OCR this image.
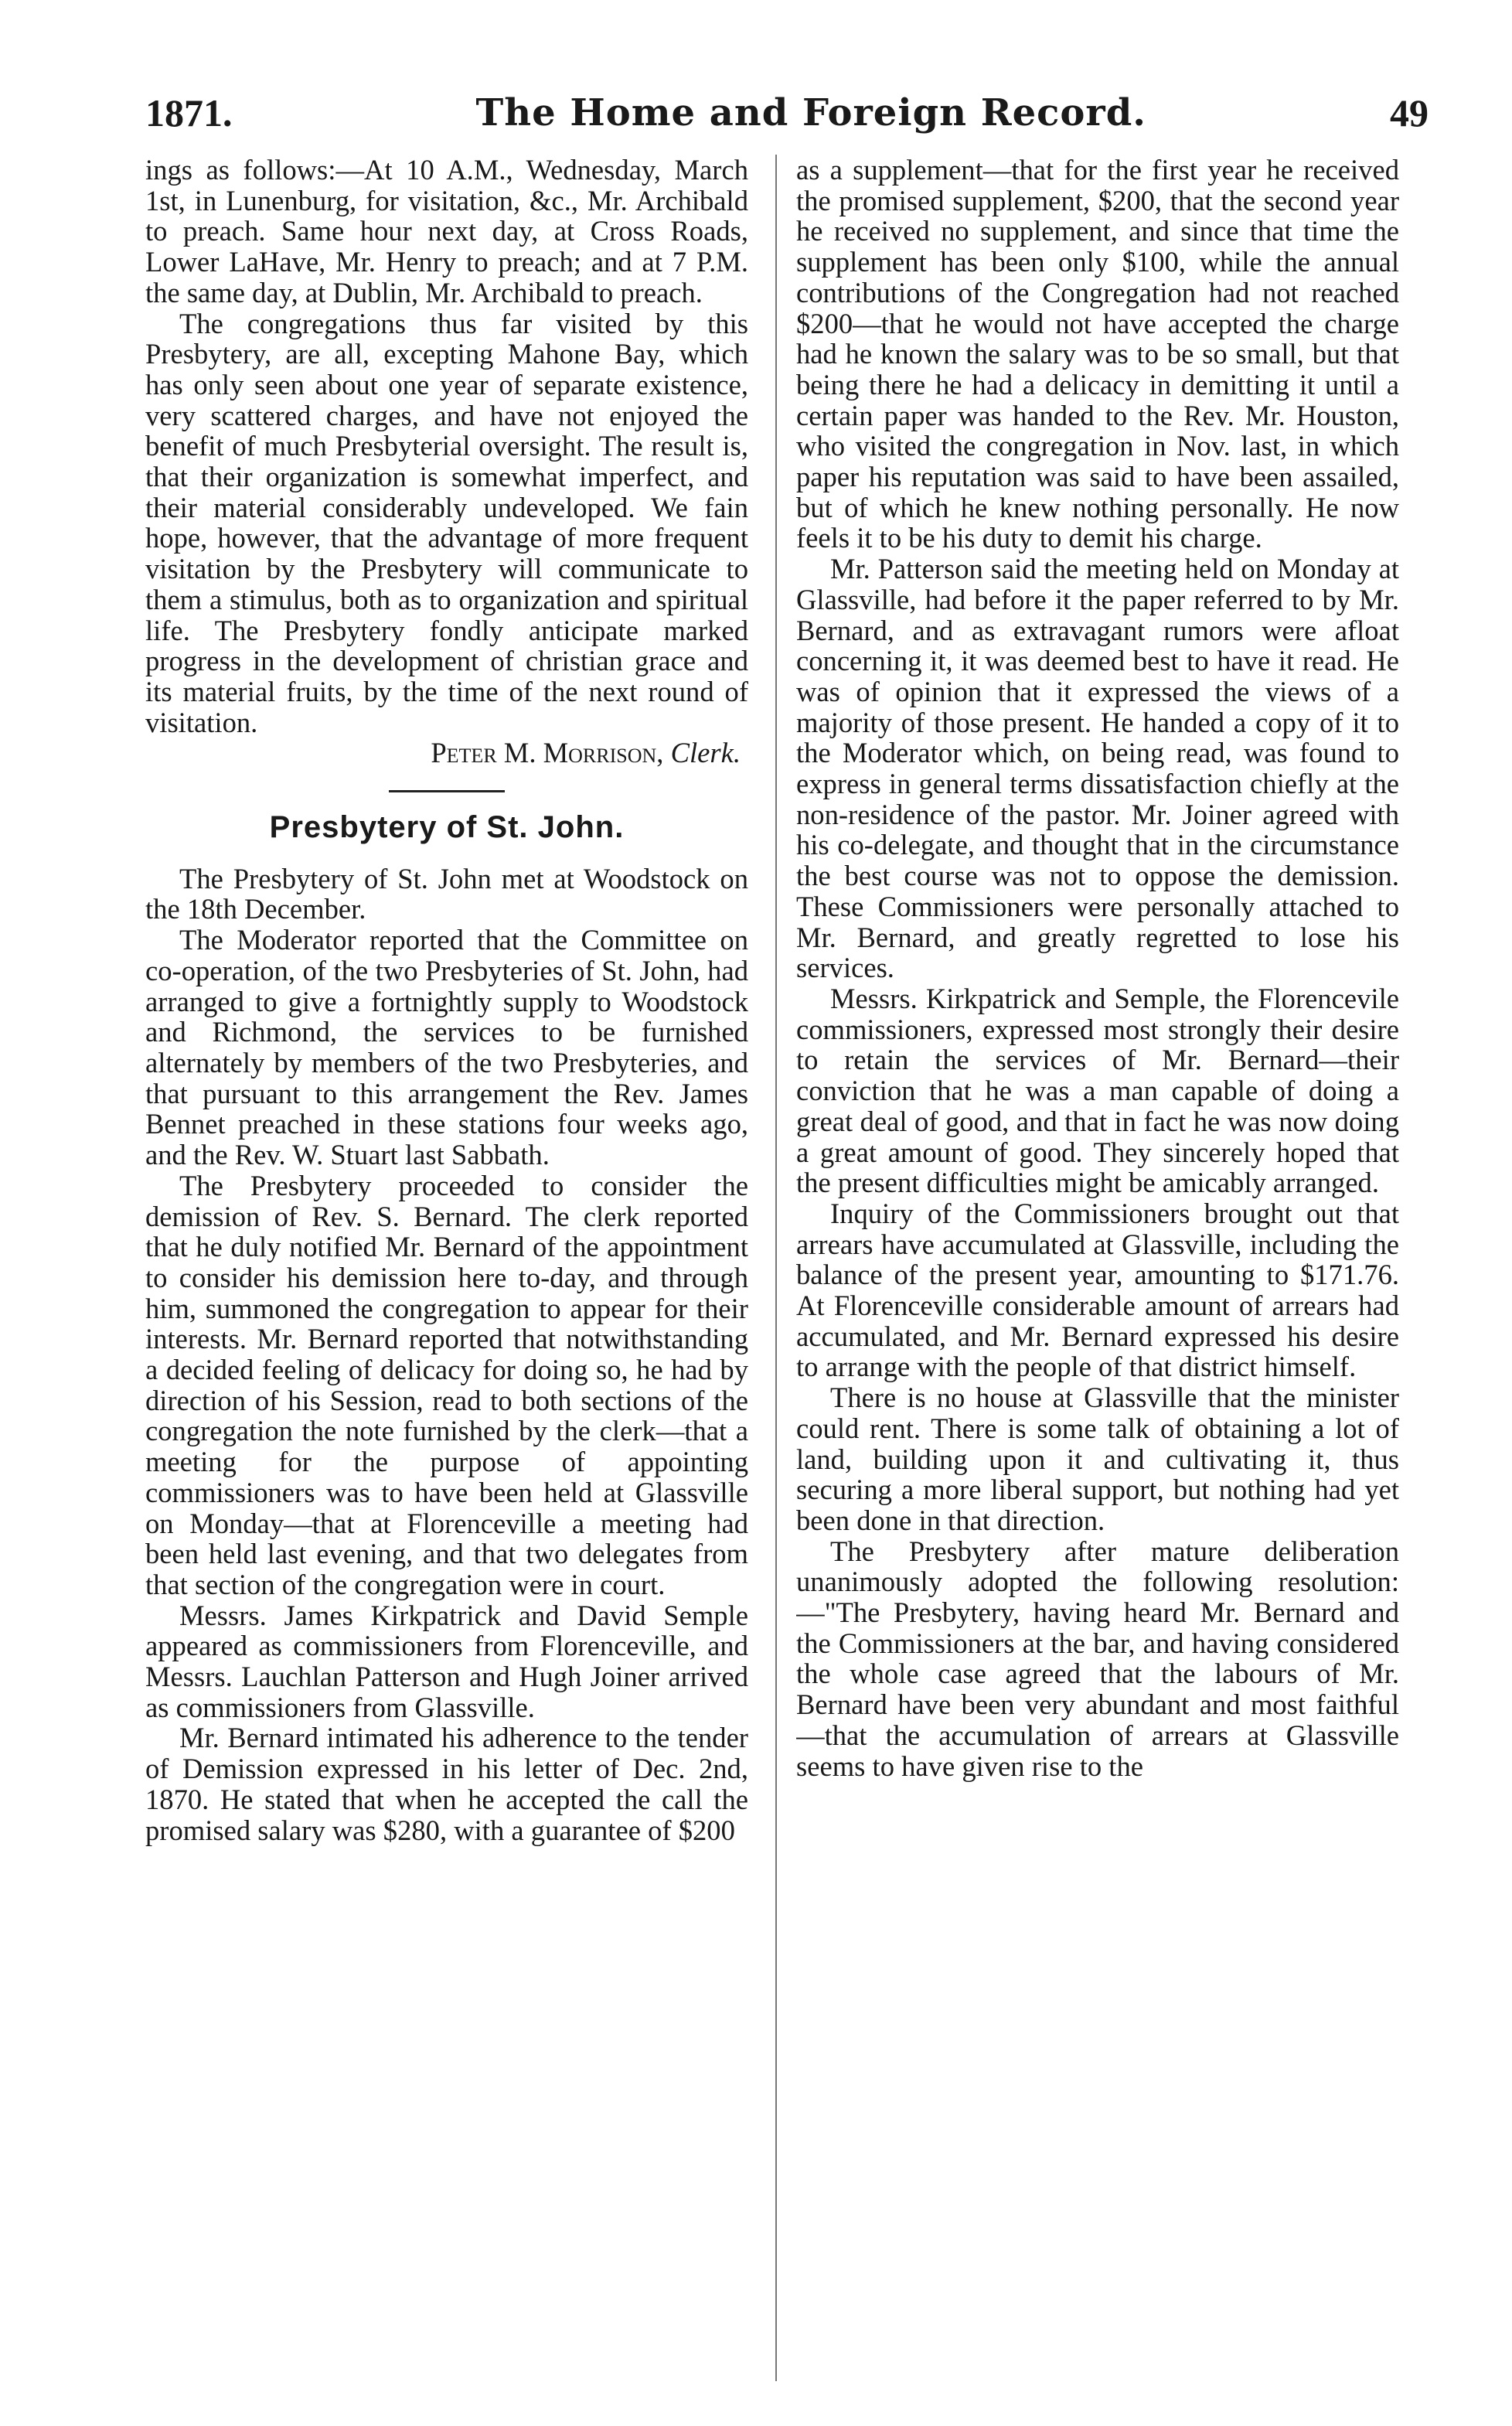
1871.	The Home and Foreign Record.	49

ings as follows:—At 10 A.M., Wednesday, March 1st, in Lunenburg, for visitation, &c., Mr. Archibald to preach. Same hour next day, at Cross Roads, Lower LaHave, Mr. Henry to preach; and at 7 P.M. the same day, at Dublin, Mr. Archibald to preach.

The congregations thus far visited by this Presbytery, are all, excepting Mahone Bay, which has only seen about one year of separate existence, very scattered charges, and have not enjoyed the benefit of much Presbyterial oversight. The result is, that their organization is somewhat imperfect, and their material considerably undeveloped. We fain hope, however, that the advantage of more frequent visitation by the Presbytery will communicate to them a stimulus, both as to organization and spiritual life. The Presbytery fondly anticipate marked progress in the development of christian grace and its material fruits, by the time of the next round of visitation.

Peter M. Morrison, Clerk.

Presbytery of St. John.

The Presbytery of St. John met at Woodstock on the 18th December.

The Moderator reported that the Committee on co-operation, of the two Presbyteries of St. John, had arranged to give a fortnightly supply to Woodstock and Richmond, the services to be furnished alternately by members of the two Presbyteries, and that pursuant to this arrangement the Rev. James Bennet preached in these stations four weeks ago, and the Rev. W. Stuart last Sabbath.

The Presbytery proceeded to consider the demission of Rev. S. Bernard. The clerk reported that he duly notified Mr. Bernard of the appointment to consider his demission here to-day, and through him, summoned the congregation to appear for their interests. Mr. Bernard reported that notwithstanding a decided feeling of delicacy for doing so, he had by direction of his Session, read to both sections of the congregation the note furnished by the clerk—that a meeting for the purpose of appointing commissioners was to have been held at Glassville on Monday—that at Florenceville a meeting had been held last evening, and that two delegates from that section of the congregation were in court.

Messrs. James Kirkpatrick and David Semple appeared as commissioners from Florenceville, and Messrs. Lauchlan Patterson and Hugh Joiner arrived as commissioners from Glassville.

Mr. Bernard intimated his adherence to the tender of Demission expressed in his letter of Dec. 2nd, 1870. He stated that when he accepted the call the promised salary was $280, with a guarantee of $200

as a supplement—that for the first year he received the promised supplement, $200, that the second year he received no supplement, and since that time the supplement has been only $100, while the annual contributions of the Congregation had not reached $200—that he would not have accepted the charge had he known the salary was to be so small, but that being there he had a delicacy in demitting it until a certain paper was handed to the Rev. Mr. Houston, who visited the congregation in Nov. last, in which paper his reputation was said to have been assailed, but of which he knew nothing personally. He now feels it to be his duty to demit his charge.

Mr. Patterson said the meeting held on Monday at Glassville, had before it the paper referred to by Mr. Bernard, and as extravagant rumors were afloat concerning it, it was deemed best to have it read. He was of opinion that it expressed the views of a majority of those present. He handed a copy of it to the Moderator which, on being read, was found to express in general terms dissatisfaction chiefly at the non-residence of the pastor. Mr. Joiner agreed with his co-delegate, and thought that in the circumstance the best course was not to oppose the demission. These Commissioners were personally attached to Mr. Bernard, and greatly regretted to lose his services.

Messrs. Kirkpatrick and Semple, the Florencevile commissioners, expressed most strongly their desire to retain the services of Mr. Bernard—their conviction that he was a man capable of doing a great deal of good, and that in fact he was now doing a great amount of good. They sincerely hoped that the present difficulties might be amicably arranged.

Inquiry of the Commissioners brought out that arrears have accumulated at Glassville, including the balance of the present year, amounting to $171.76. At Florenceville considerable amount of arrears had accumulated, and Mr. Bernard expressed his desire to arrange with the people of that district himself.

There is no house at Glassville that the minister could rent. There is some talk of obtaining a lot of land, building upon it and cultivating it, thus securing a more liberal support, but nothing had yet been done in that direction.

The Presbytery after mature deliberation unanimously adopted the following resolution:—"The Presbytery, having heard Mr. Bernard and the Commissioners at the bar, and having considered the whole case agreed that the labours of Mr. Bernard have been very abundant and most faithful—that the accumulation of arrears at Glassville seems to have given rise to the
